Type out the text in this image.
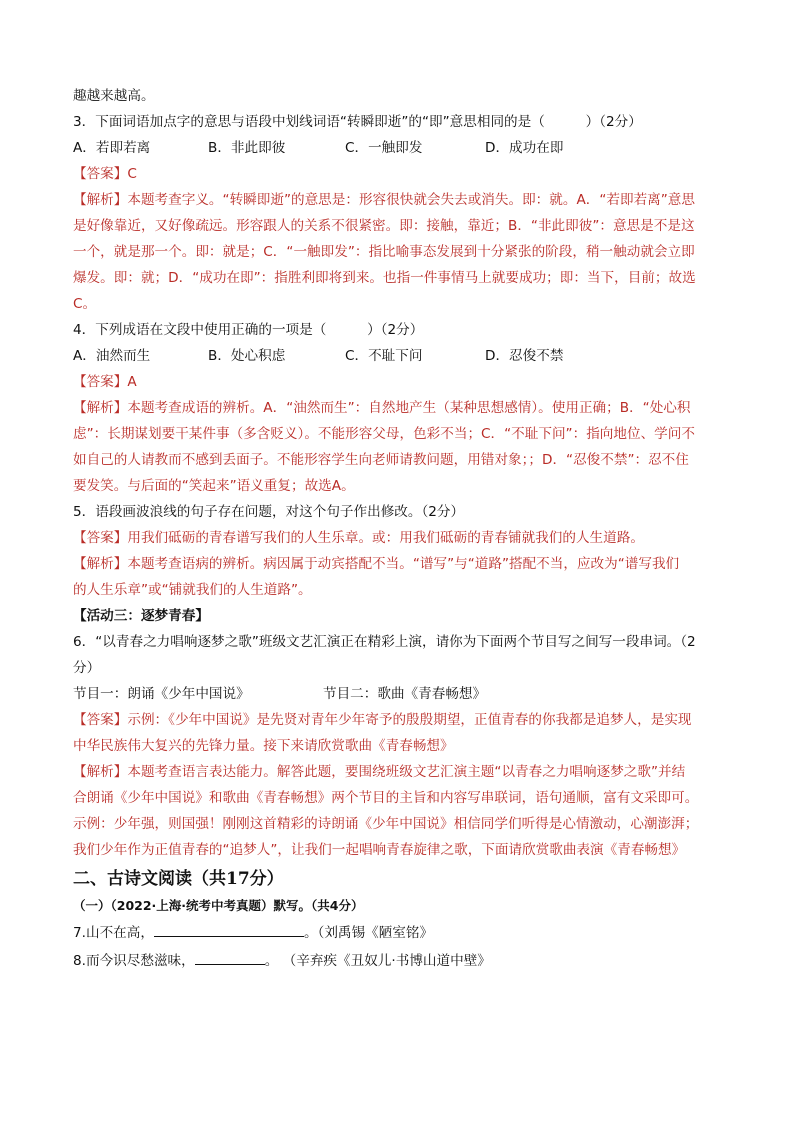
趣越来越高。
3．下面词语加点字的意思与语段中划线词语“转瞬即逝”的“即”意思相同的是（　　　）（2分）
A．若即若离	B．非此即彼	C．一触即发	D．成功在即
【答案】C
【解析】本题考查字义。“转瞬即逝”的意思是：形容很快就会失去或消失。即：就。A．“若即若离”意思
是好像靠近，又好像疏远。形容跟人的关系不很紧密。即：接触，靠近；B．“非此即彼”：意思是不是这
一个，就是那一个。即：就是；C．“一触即发”：指比喻事态发展到十分紧张的阶段，稍一触动就会立即
爆发。即：就；D．“成功在即”：指胜利即将到来。也指一件事情马上就要成功；即：当下，目前；故选
C。
4．下列成语在文段中使用正确的一项是（　　　）（2分）
A．油然而生	B．处心积虑	C．不耻下问	D．忍俊不禁
【答案】A
【解析】本题考查成语的辨析。A．“油然而生”：自然地产生（某种思想感情）。使用正确；B．“处心积
虑”：长期谋划要干某件事（多含贬义）。不能形容父母，色彩不当；C．“不耻下问”：指向地位、学问不
如自己的人请教而不感到丢面子。不能形容学生向老师请教问题，用错对象；；D．“忍俊不禁”：忍不住
要发笑。与后面的“笑起来”语义重复；故选A。
5．语段画波浪线的句子存在问题，对这个句子作出修改。（2分）
【答案】用我们砥砺的青春谱写我们的人生乐章。或：用我们砥砺的青春铺就我们的人生道路。
【解析】本题考查语病的辨析。病因属于动宾搭配不当。“谱写”与“道路”搭配不当，应改为“谱写我们
的人生乐章”或“铺就我们的人生道路”。
【活动三：逐梦青春】
6．“以青春之力唱响逐梦之歌”班级文艺汇演正在精彩上演，请你为下面两个节目写之间写一段串词。（2
分）
节目一：朗诵《少年中国说》	节目二：歌曲《青春畅想》
【答案】示例：《少年中国说》是先贤对青年少年寄予的殷殷期望，正值青春的你我都是追梦人，是实现
中华民族伟大复兴的先锋力量。接下来请欣赏歌曲《青春畅想》
【解析】本题考查语言表达能力。解答此题，要围绕班级文艺汇演主题“以青春之力唱响逐梦之歌”并结
合朗诵《少年中国说》和歌曲《青春畅想》两个节目的主旨和内容写串联词，语句通顺，富有文采即可。
示例：少年强，则国强！刚刚这首精彩的诗朗诵《少年中国说》相信同学们听得是心情激动，心潮澎湃；
我们少年作为正值青春的“追梦人”，让我们一起唱响青春旋律之歌，下面请欣赏歌曲表演《青春畅想》
二、古诗文阅读（共17分）
（一）（2022·上海·统考中考真题）默写。（共4分）
7.山不在高，	。（刘禹锡《陋室铭》
8.而今识尽愁滋味，	。 （辛弃疾《丑奴儿·书博山道中壁》
